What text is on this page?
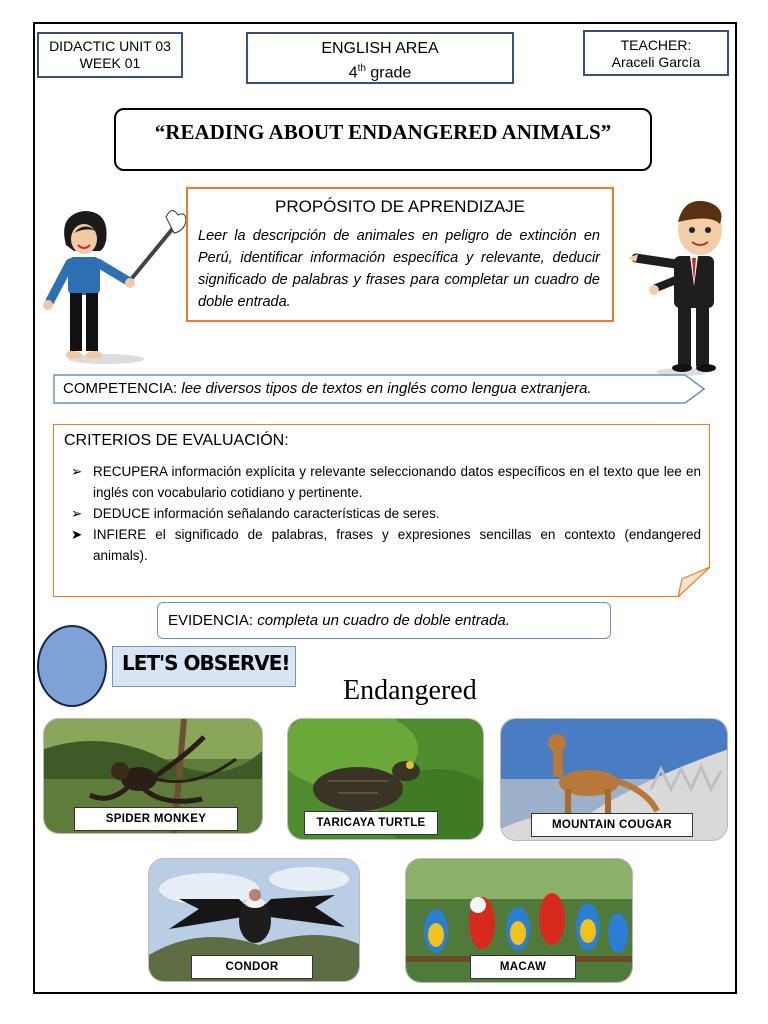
DIDACTIC UNIT 03
WEEK 01
ENGLISH AREA
4th grade
TEACHER:
Araceli García
“READING ABOUT ENDANGERED ANIMALS”
PROPÓSITO DE APRENDIZAJE

Leer la descripción de animales en peligro de extinción en Perú, identificar información específica y relevante, deducir significado de palabras y frases para completar un cuadro de doble entrada.

COMPETENCIA: lee diversos tipos de textos en inglés como lengua extranjera.
CRITERIOS DE EVALUACIÓN:
➢ RECUPERA información explícita y relevante seleccionando datos específicos en el texto que lee en inglés con vocabulario cotidiano y pertinente.
➢ DEDUCE información señalando características de seres.
➤ INFIERE el significado de palabras, frases y expresiones sencillas en contexto (endangered animals).
EVIDENCIA: completa un cuadro de doble entrada.
LET'S OBSERVE!
Endangered
SPIDER MONKEY	TARICAYA TURTLE	MOUNTAIN COUGAR
CONDOR	MACAW
